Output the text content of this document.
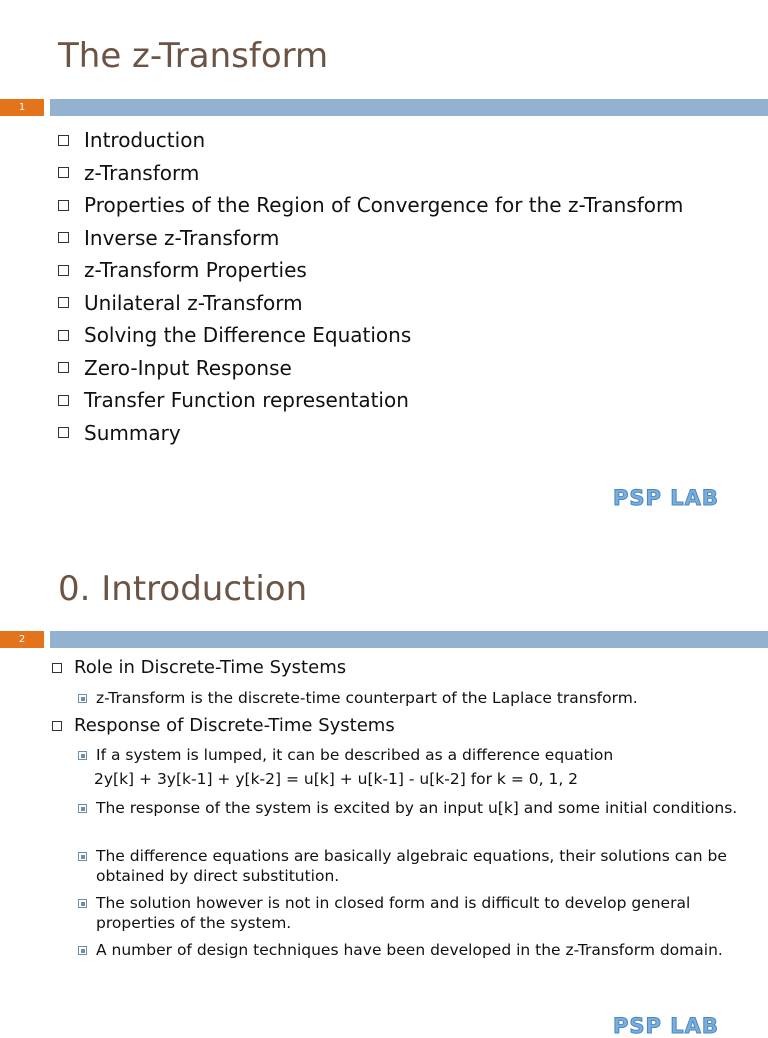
The z-Transform
1
Introduction
z-Transform
Properties of the Region of Convergence for the z-Transform
Inverse z-Transform
z-Transform Properties
Unilateral z-Transform
Solving the Difference Equations
Zero-Input Response
Transfer Function representation
Summary
PSP LAB
0. Introduction
2
Role in Discrete-Time Systems
z-Transform is the discrete-time counterpart of the Laplace transform.
Response of Discrete-Time Systems
If a system is lumped, it can be described as a difference equation
2y[k] + 3y[k-1] + y[k-2] = u[k] + u[k-1] - u[k-2] for k = 0, 1, 2
The response of the system is excited by an input u[k] and some initial conditions.
The difference equations are basically algebraic equations, their solutions can be obtained by direct substitution.
The solution however is not in closed form and is difficult to develop general properties of the system.
A number of design techniques have been developed in the z-Transform domain.
PSP LAB
